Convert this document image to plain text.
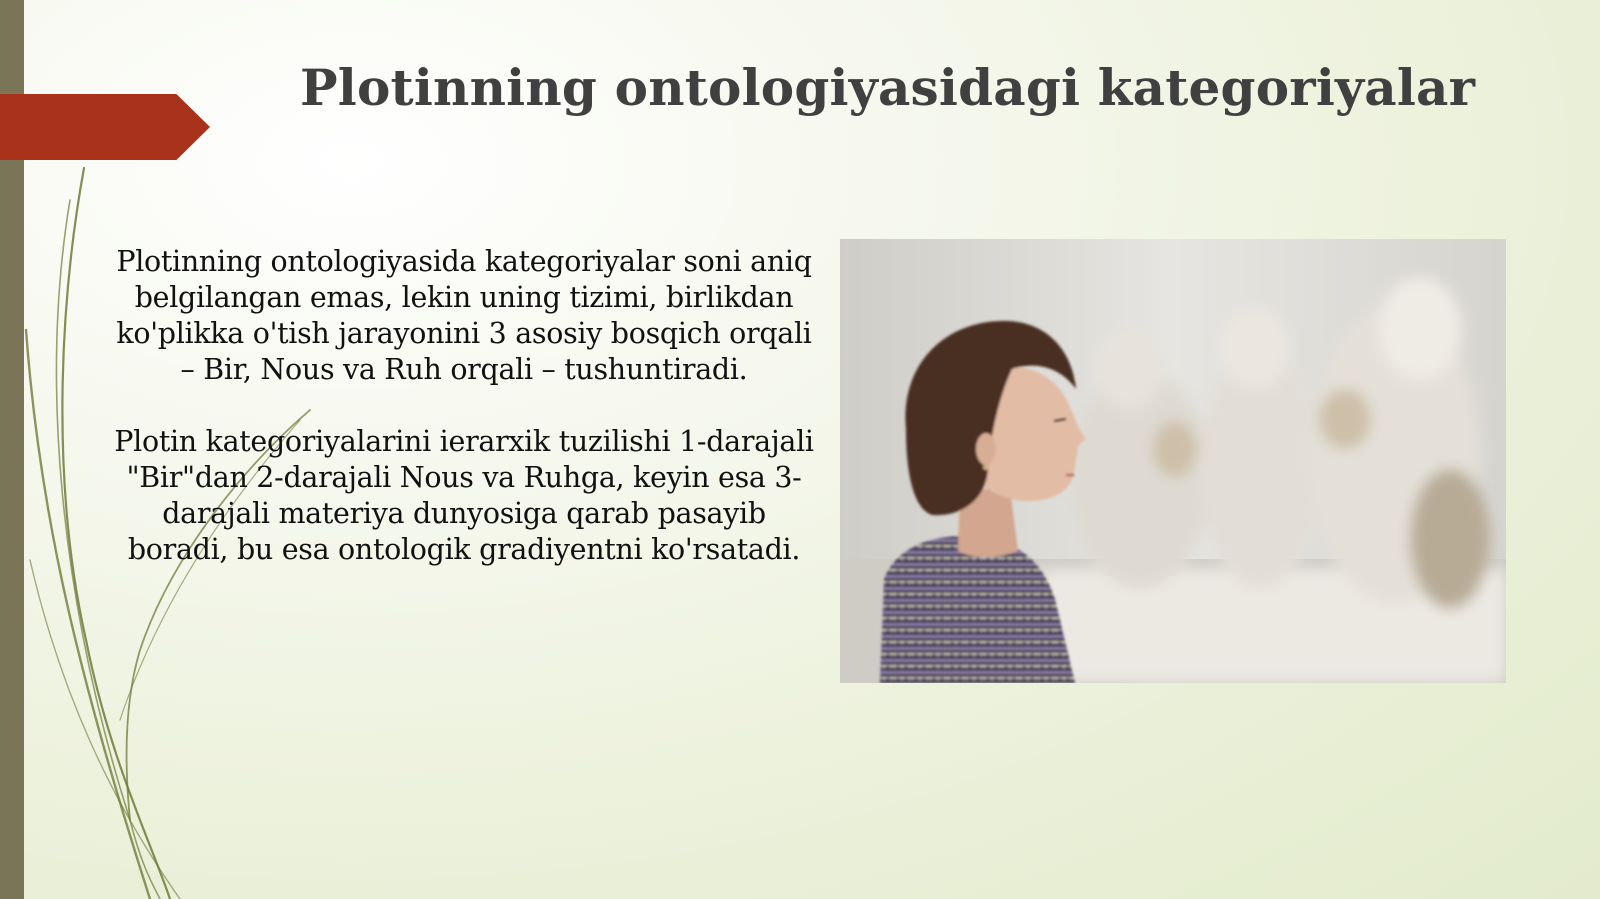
Plotinning ontologiyasidagi kategoriyalar

Plotinning ontologiyasida kategoriyalar soni aniq belgilangan emas, lekin uning tizimi, birlikdan ko'plikka o'tish jarayonini 3 asosiy bosqich orqali – Bir, Nous va Ruh orqali – tushuntiradi.

Plotin kategoriyalarini ierarxik tuzilishi 1-darajali "Bir"dan 2-darajali Nous va Ruhga, keyin esa 3-darajali materiya dunyosiga qarab pasayib boradi, bu esa ontologik gradiyentni ko'rsatadi.
